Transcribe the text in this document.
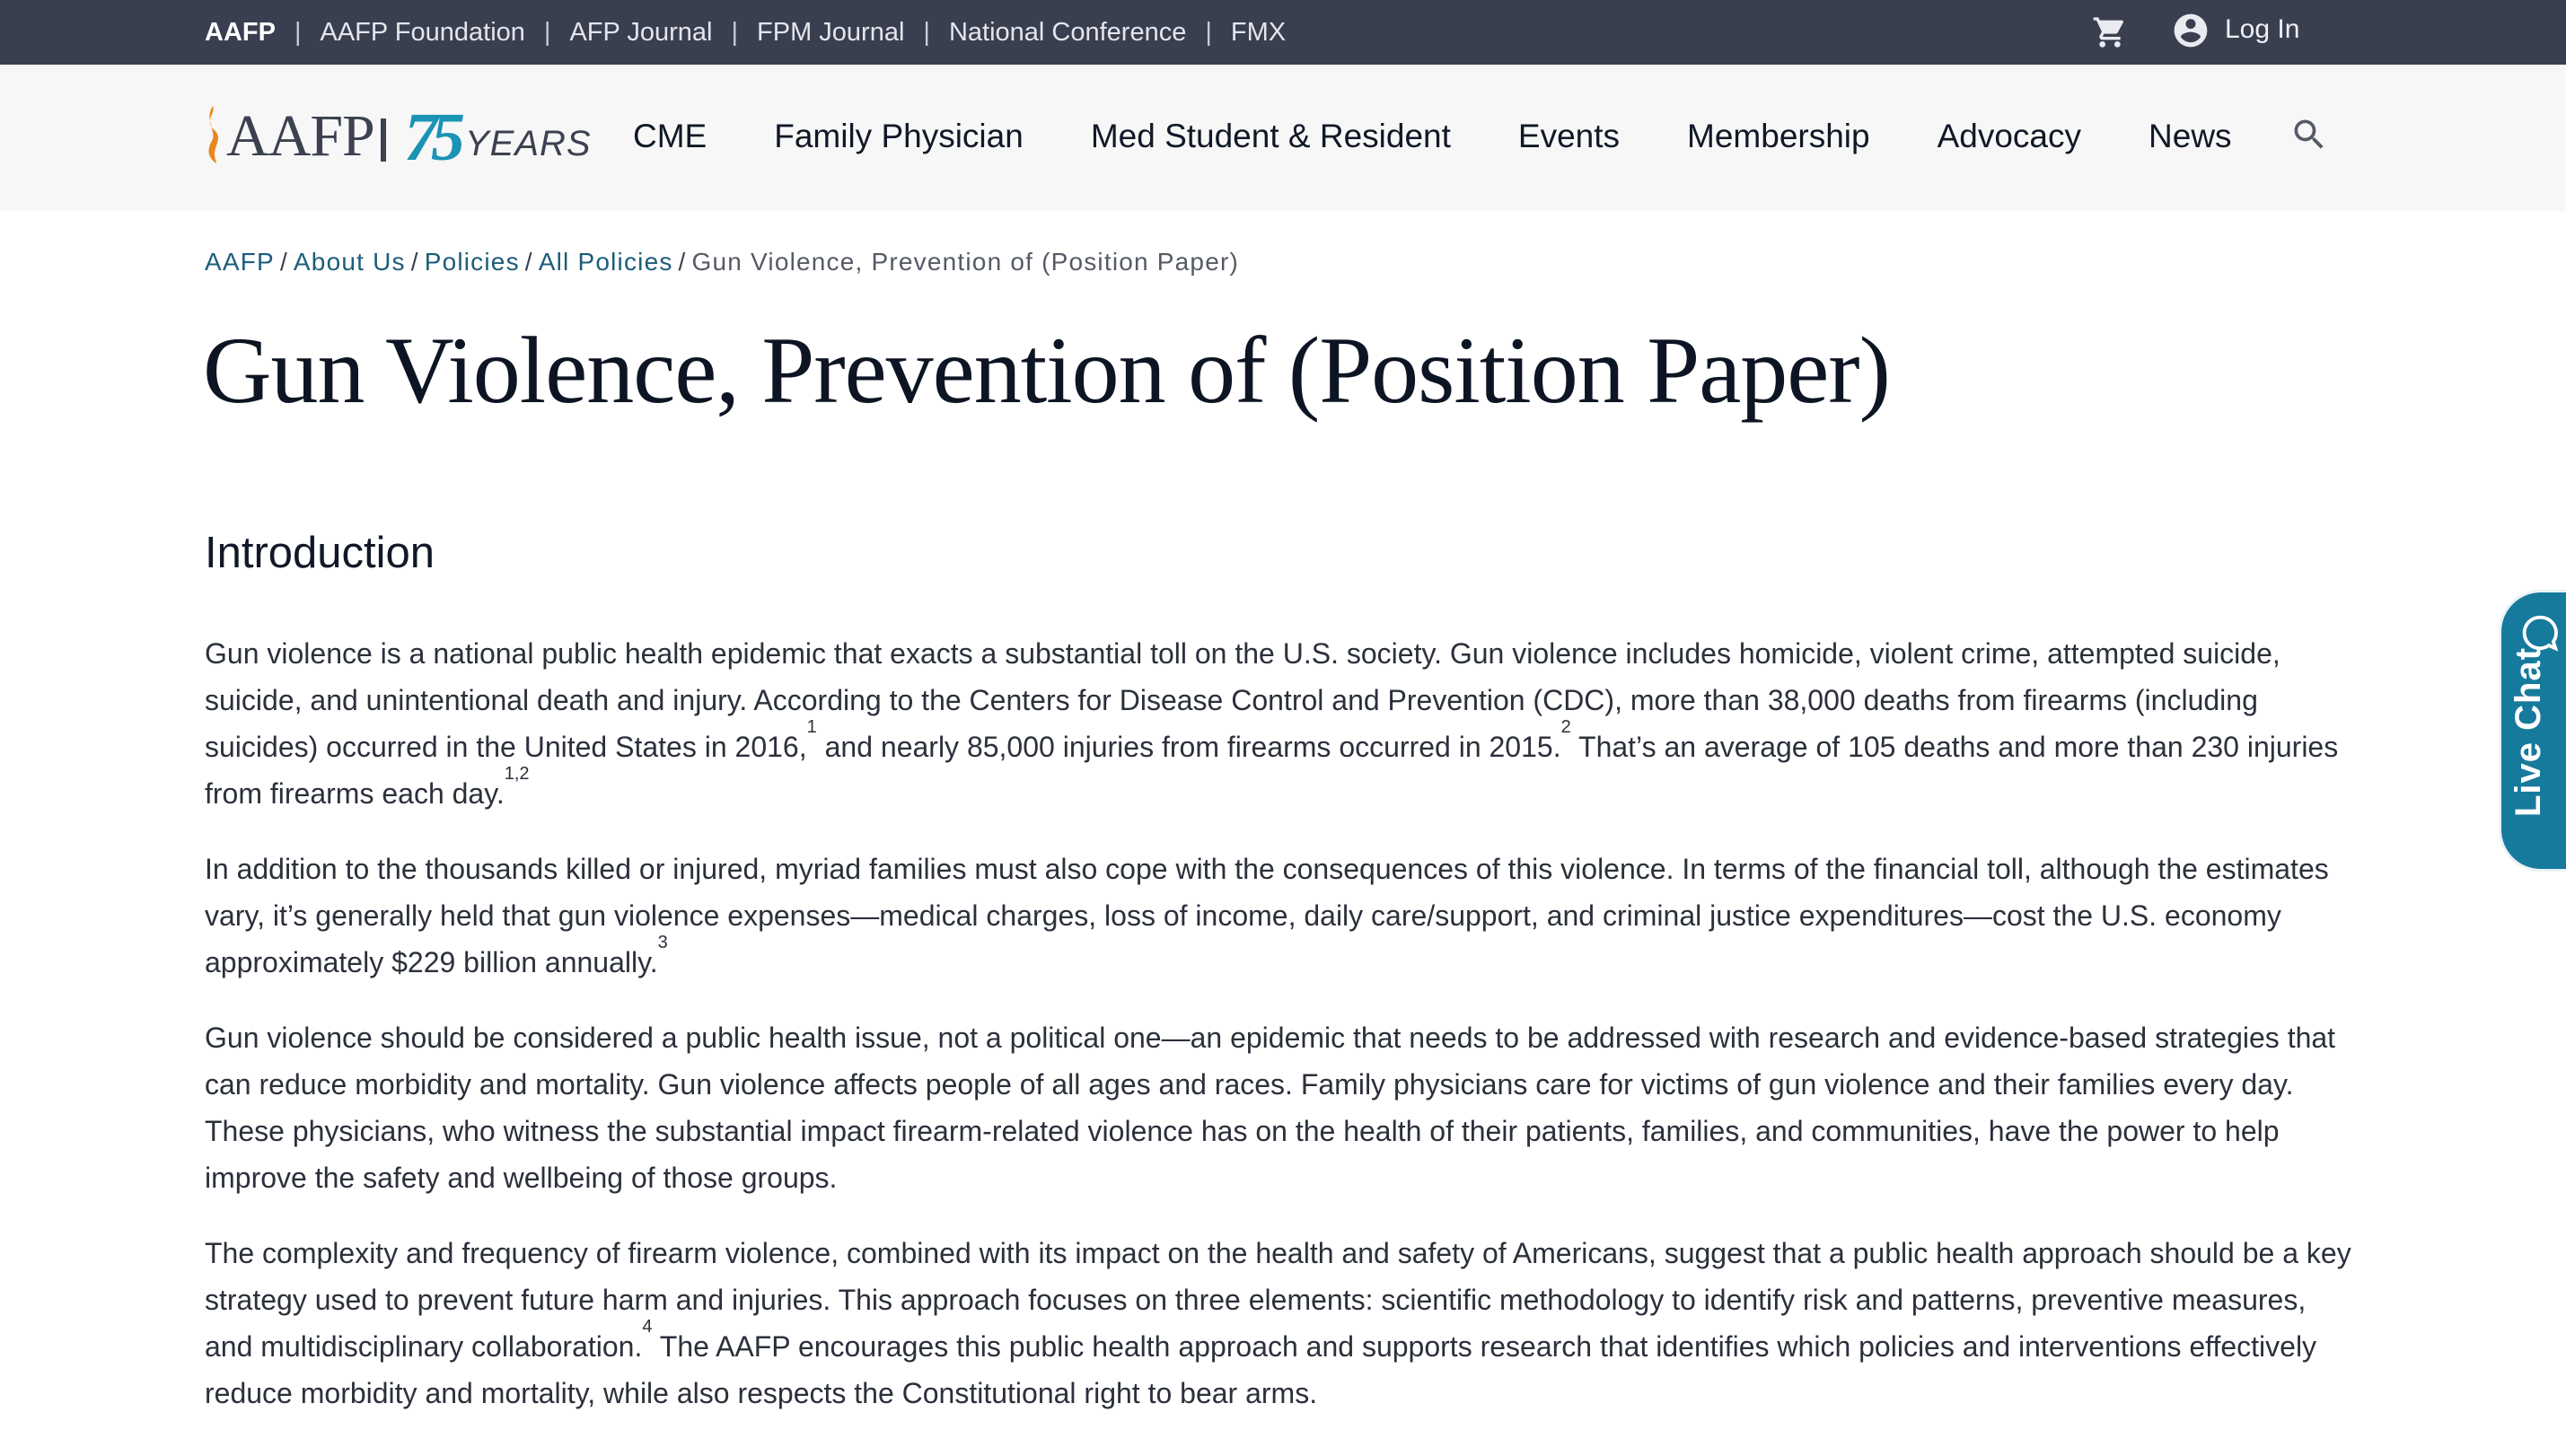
AAFP | AAFP Foundation | AFP Journal | FPM Journal | National Conference | FMX	Log In
AAFP 75 YEARS CME Family Physician Med Student & Resident Events Membership Advocacy News
AAFP / About Us / Policies / All Policies / Gun Violence, Prevention of (Position Paper)
Gun Violence, Prevention of (Position Paper)
Introduction

Gun violence is a national public health epidemic that exacts a substantial toll on the U.S. society. Gun violence includes homicide, violent crime, attempted suicide, suicide, and unintentional death and injury. According to the Centers for Disease Control and Prevention (CDC), more than 38,000 deaths from firearms (including suicides) occurred in the United States in 2016,$^1$ and nearly 85,000 injuries from firearms occurred in 2015.$^2$ That’s an average of 105 deaths and more than 230 injuries from firearms each day.$^{1,2}$

In addition to the thousands killed or injured, myriad families must also cope with the consequences of this violence. In terms of the financial toll, although the estimates vary, it’s generally held that gun violence expenses—medical charges, loss of income, daily care/support, and criminal justice expenditures—cost the U.S. economy approximately $229 billion annually.$^3$

Gun violence should be considered a public health issue, not a political one—an epidemic that needs to be addressed with research and evidence-based strategies that can reduce morbidity and mortality. Gun violence affects people of all ages and races. Family physicians care for victims of gun violence and their families every day. These physicians, who witness the substantial impact firearm-related violence has on the health of their patients, families, and communities, have the power to help improve the safety and wellbeing of those groups.

The complexity and frequency of firearm violence, combined with its impact on the health and safety of Americans, suggest that a public health approach should be a key strategy used to prevent future harm and injuries. This approach focuses on three elements: scientific methodology to identify risk and patterns, preventive measures, and multidisciplinary collaboration.$^4$ The AAFP encourages this public health approach and supports research that identifies which policies and interventions effectively reduce morbidity and mortality, while also respects the Constitutional right to bear arms.

Live Chat
